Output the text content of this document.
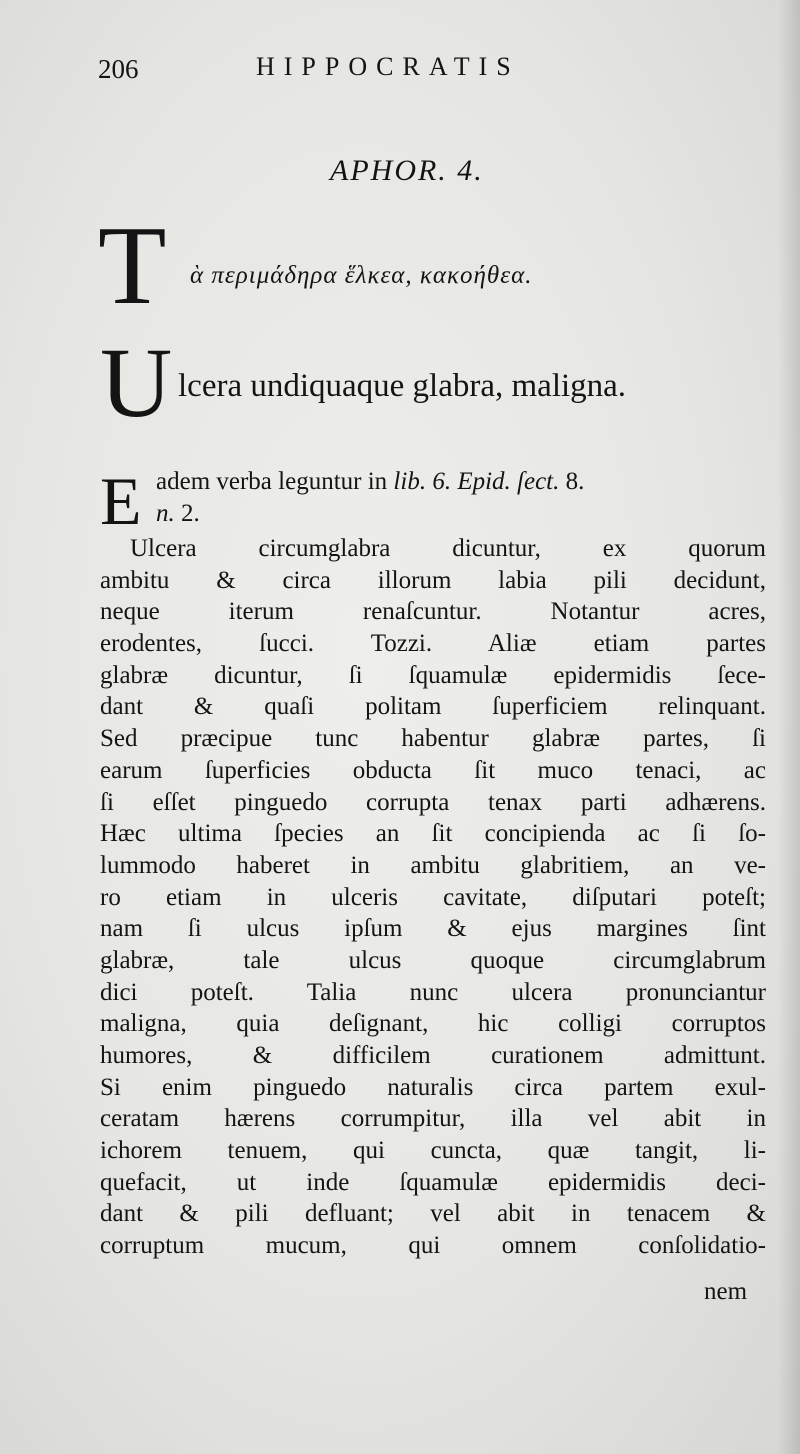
206	HIPPOCRATIS
APHOR. 4.
T ὰ περιμάδηρα ἕλκεα, κακοήθεα.
U lcera undiquaque glabra, maligna.
E adem verba leguntur in lib. 6. Epid. ſect. 8.
n. 2.
Ulcera circumglabra dicuntur, ex quorum
ambitu & circa illorum labia pili decidunt,
neque iterum renaſcuntur. Notantur acres,
erodentes, ſucci. Tozzi. Aliæ etiam partes
glabræ dicuntur, ſi ſquamulæ epidermidis ſece-
dant & quaſi politam ſuperficiem relinquant.
Sed præcipue tunc habentur glabræ partes, ſi
earum ſuperficies obducta ſit muco tenaci, ac
ſi eſſet pinguedo corrupta tenax parti adhærens.
Hæc ultima ſpecies an ſit concipienda ac ſi ſo-
lummodo haberet in ambitu glabritiem, an ve-
ro etiam in ulceris cavitate, diſputari poteſt;
nam ſi ulcus ipſum & ejus margines ſint
glabræ, tale ulcus quoque circumglabrum
dici poteſt. Talia nunc ulcera pronunciantur
maligna, quia deſignant, hic colligi corruptos
humores, & difficilem curationem admittunt.
Si enim pinguedo naturalis circa partem exul-
ceratam hærens corrumpitur, illa vel abit in
ichorem tenuem, qui cuncta, quæ tangit, li-
quefacit, ut inde ſquamulæ epidermidis deci-
dant & pili defluant; vel abit in tenacem &
corruptum mucum, qui omnem conſolidatio-
nem
